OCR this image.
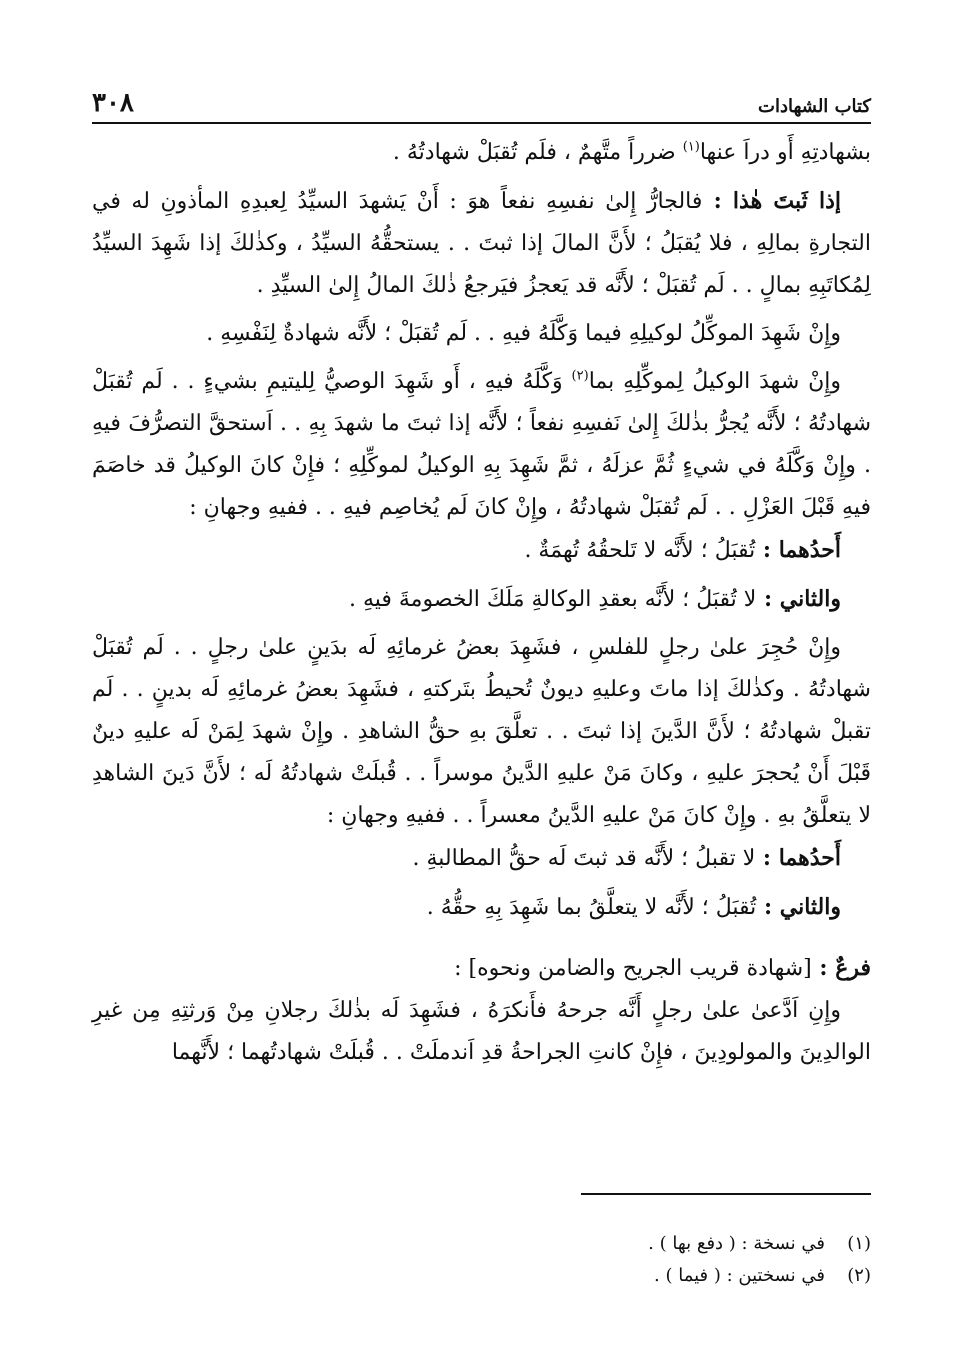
كتاب الشهادات
٣٠٨

بشهادتِهِ أَو دراَ عنها$^{(١)}$ ضرراً متَّهمٌ ، فلَم تُقبَلْ شهادتُهُ .

إذا ثَبتَ هٰذا : فالجارُّ إِلىٰ نفسِهِ نفعاً هوَ : أَنْ يَشهدَ السيِّدُ لِعبدِهِ المأذونِ له في التجارةِ بمالِهِ ، فلا يُقبَلُ ؛ لأَنَّ المالَ إذا ثبتَ . . يستحقُّهُ السيِّدُ ، وكذٰلكَ إذا شَهِدَ السيِّدُ لِمُكاتَبِهِ بمالٍ . . لَم تُقبَلْ ؛ لأَنَّه قد يَعجزُ فيَرجعُ ذٰلكَ المالُ إِلىٰ السيِّدِ .

وإِنْ شَهِدَ الموكِّلُ لوكيلِهِ فيما وَكَّلَهُ فيهِ . . لَم تُقبَلْ ؛ لأَنَّه شهادةٌ لِنَفْسِهِ .

وإِنْ شهدَ الوكيلُ لِموكِّلِهِ بما$^{(٢)}$ وَكَّلَهُ فيهِ ، أَو شَهِدَ الوصيُّ لِليتيمِ بشيءٍ . . لَم تُقبَلْ شهادتُهُ ؛ لأَنَّه يُجرُّ بذٰلكَ إِلىٰ نَفسِهِ نفعاً ؛ لأَنَّه إذا ثبتَ ما شهدَ بِهِ . . اَستحقَّ التصرُّفَ فيهِ . وإِنْ وَكَّلَهُ في شيءٍ ثُمَّ عزلَهُ ، ثمَّ شَهِدَ بِهِ الوكيلُ لموكِّلِهِ ؛ فإِنْ كانَ الوكيلُ قد خاصَمَ فيهِ قَبْلَ العَزْلِ . . لَم تُقبَلْ شهادتُهُ ، وإِنْ كانَ لَم يُخاصِم فيهِ . . ففيهِ وجهانِ :

أَحدُهما : تُقبَلُ ؛ لأَنَّه لا تَلحقُهُ تُهمَةٌ .

والثاني : لا تُقبَلُ ؛ لأَنَّه بعقدِ الوكالةِ مَلَكَ الخصومةَ فيهِ .

وإِنْ حُجِرَ علىٰ رجلٍ للفلسِ ، فشَهِدَ بعضُ غرمائِهِ لَه بدَينٍ علىٰ رجلٍ . . لَم تُقبَلْ شهادتُهُ . وكذٰلكَ إذا ماتَ وعليهِ ديونٌ تُحيطُ بتَركتهِ ، فشَهِدَ بعضُ غرمائِهِ لَه بدينٍ . . لَم تقبلْ شهادتُهُ ؛ لأَنَّ الدَّينَ إذا ثبتَ . . تعلَّقَ بهِ حقُّ الشاهدِ . وإِنْ شهدَ لِمَنْ لَه عليهِ دينٌ قَبْلَ أَنْ يُحجرَ عليهِ ، وكانَ مَنْ عليهِ الدَّينُ موسراً . . قُبلَتْ شهادتُهُ لَه ؛ لأَنَّ دَينَ الشاهدِ لا يتعلَّقُ بهِ . وإِنْ كانَ مَنْ عليهِ الدَّينُ معسراً . . ففيهِ وجهانِ :

أَحدُهما : لا تقبلُ ؛ لأَنَّه قد ثبتَ لَه حقُّ المطالبةِ .

والثاني : تُقبَلُ ؛ لأَنَّه لا يتعلَّقُ بما شَهِدَ بِهِ حقُّهُ .

فرعٌ : [شهادة قريب الجريح والضامن ونحوه] :

وإِنِ اَدَّعىٰ علىٰ رجلٍ أَنَّه جرحهُ فأَنكرَهُ ، فشَهِدَ لَه بذٰلكَ رجلانِ مِنْ وَرثتِهِ مِن غيرِ الوالدِينَ والمولودِينَ ، فإِنْ كانتِ الجراحةُ قدِ اَندملَتْ . . قُبلَتْ شهادتُهما ؛ لأَنَّهما

(١)في نسخة : ( دفع بها ) .

(٢)في نسختين : ( فيما ) .
